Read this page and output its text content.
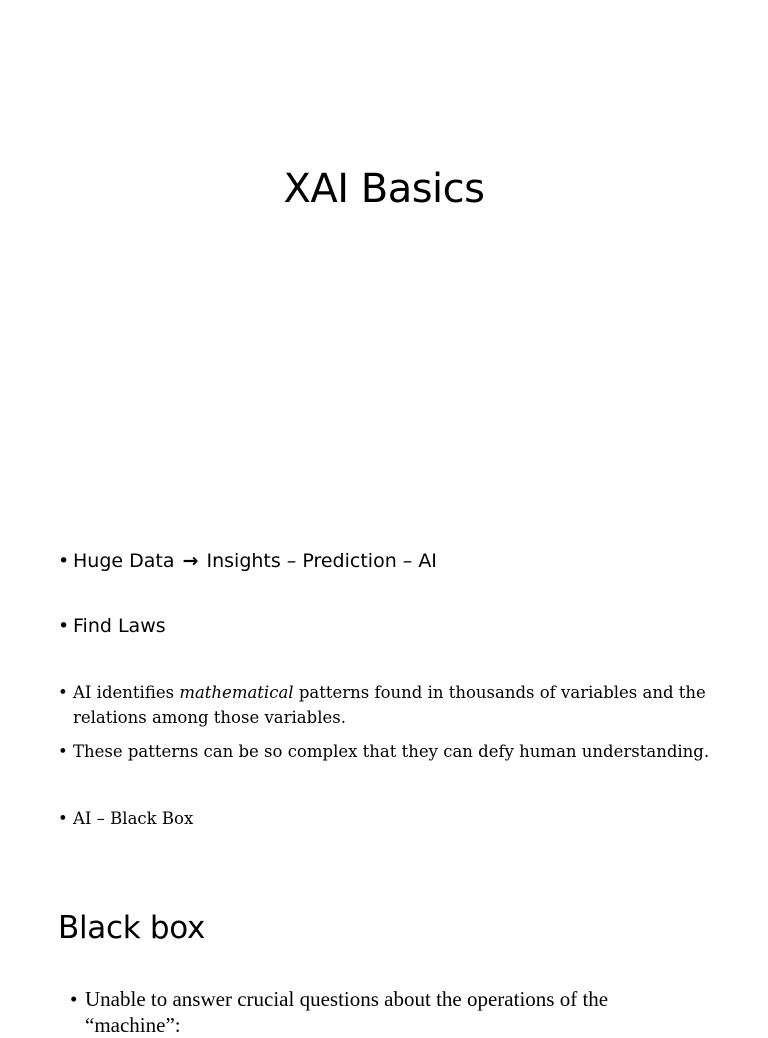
XAI Basics
• Huge Data → Insights – Prediction – AI
• Find Laws
• AI identifies mathematical patterns found in thousands of variables and the relations among those variables.
• These patterns can be so complex that they can defy human understanding.
• AI – Black Box
Black box
• Unable to answer crucial questions about the operations of the “machine”:
